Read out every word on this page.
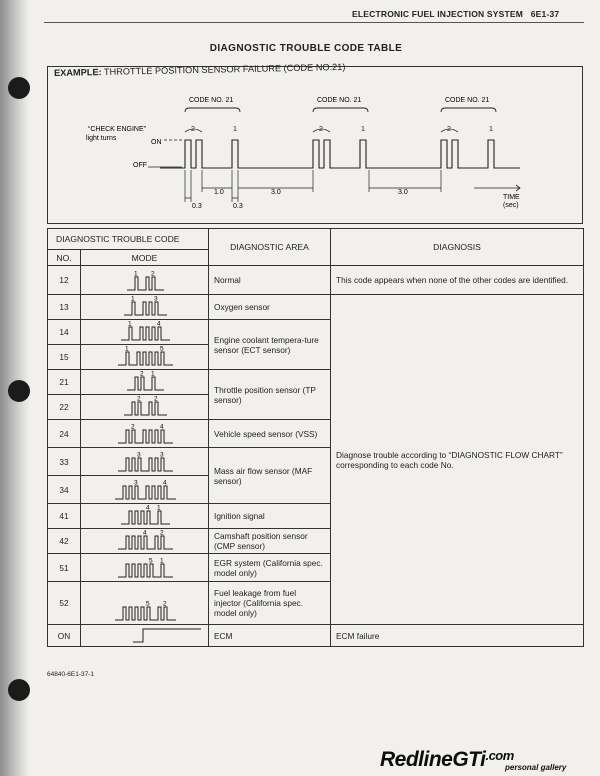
ELECTRONIC FUEL INJECTION SYSTEM 6E1-37
DIAGNOSTIC TROUBLE CODE TABLE
EXAMPLE: THROTTLE POSITION SENSOR FAILURE (CODE NO.21)
“CHECK ENGINE”
light turns
ON
OFF
CODE NO. 21	CODE NO. 21	CODE NO. 21
TIME
(sec)
0.3
1.0
0.3
3.0	3.0
2	1	2	1	2	1
DIAGNOSTIC TROUBLE CODE		DIAGNOSTIC AREA	DIAGNOSIS
NO.	MODE		
12	1 2	Normal	This code appears when none of the other codes are identified.
13	1 3	Oxygen sensor	Diagnose trouble according to “DIAGNOSTIC FLOW CHART” corresponding to each code No.
14	1 4	Engine coolant tempera-ture sensor (ECT sensor)	
15	1 5		

21	2 1	Throttle position sensor (TP sensor)	
22	2 2		

24	2 4	Vehicle speed sensor (VSS)	
33	3 3	Mass air flow sensor (MAF sensor)	
34	3 4		

41	4 1	Ignition signal	
42	4 2	Camshaft position sensor (CMP sensor)	
51	5 1	EGR system (California spec. model only)	
52	5 2	Fuel leakage from fuel injector (California spec. model only)	
ON		ECM	ECM failure
64840-6E1-37-1
RedlineGTi$^{.com}$
personal gallery
